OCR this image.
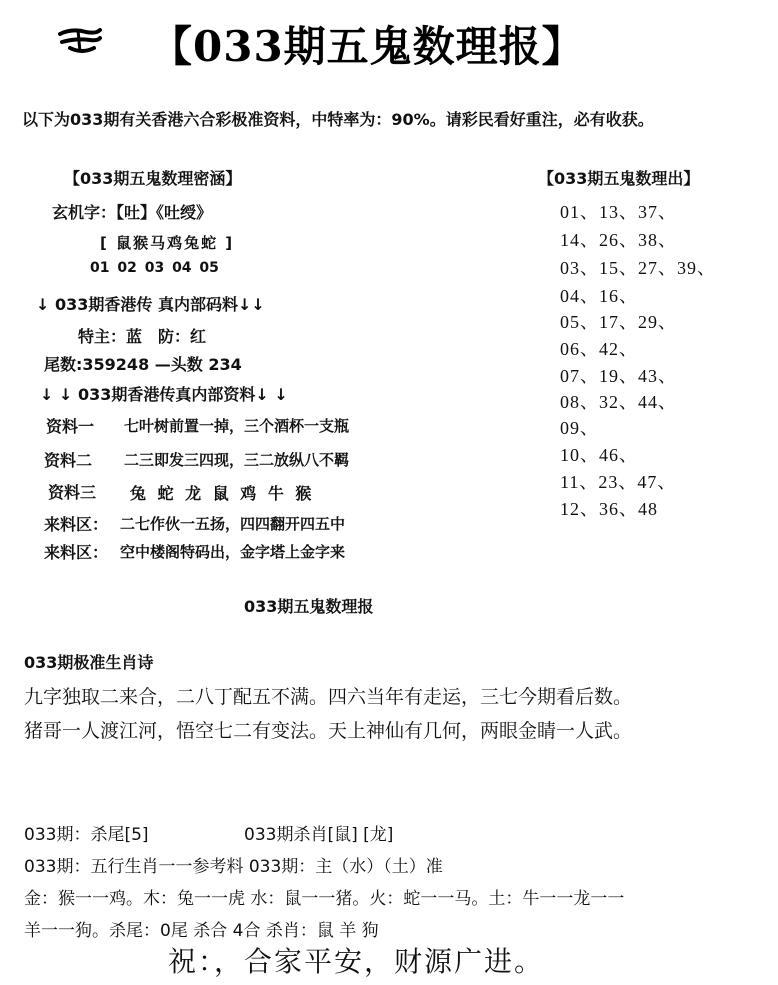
【033期五鬼数理报】
以下为033期有关香港六合彩极准资料，中特率为：90%。请彩民看好重注，必有收获。
【033期五鬼数理密涵】
玄机字：【吐】《吐绶》
[ 鼠猴马鸡兔蛇 ]
01 02 03 04 05
↓ 033期香港传 真内部码料↓↓
特主：蓝　防：红
尾数:359248 —头数 234
↓ ↓ 033期香港传真内部资料↓ ↓
资料一 七叶树前置一掉，三个酒杯一支瓶
资料二 二三即发三四现，三二放纵八不羁
资料三 兔 蛇 龙 鼠 鸡 牛 猴
来料区： 二七作伙一五扬，四四翻开四五中
来料区： 空中楼阁特码出，金字塔上金字来
【033期五鬼数理出】
01、13、37、
14、26、38、
03、15、27、39、
04、16、
05、17、29、
06、42、
07、19、43、
08、32、44、
09、
10、46、
11、23、47、
12、36、48
033期五鬼数理报
033期极准生肖诗
九字独取二来合，二八丁配五不满。四六当年有走运，三七今期看后数。
猪哥一人渡江河，悟空七二有变法。天上神仙有几何，两眼金睛一人武。
033期：杀尾[5]	033期杀肖[鼠] [龙]
033期：五行生肖一一参考料 033期：主（水）（土）准
金：猴一一鸡。木：兔一一虎 水：鼠一一猪。火：蛇一一马。土：牛一一龙一一
羊一一狗。杀尾：0尾 杀合 4合 杀肖：鼠 羊 狗
祝：，合家平安，财源广进。
